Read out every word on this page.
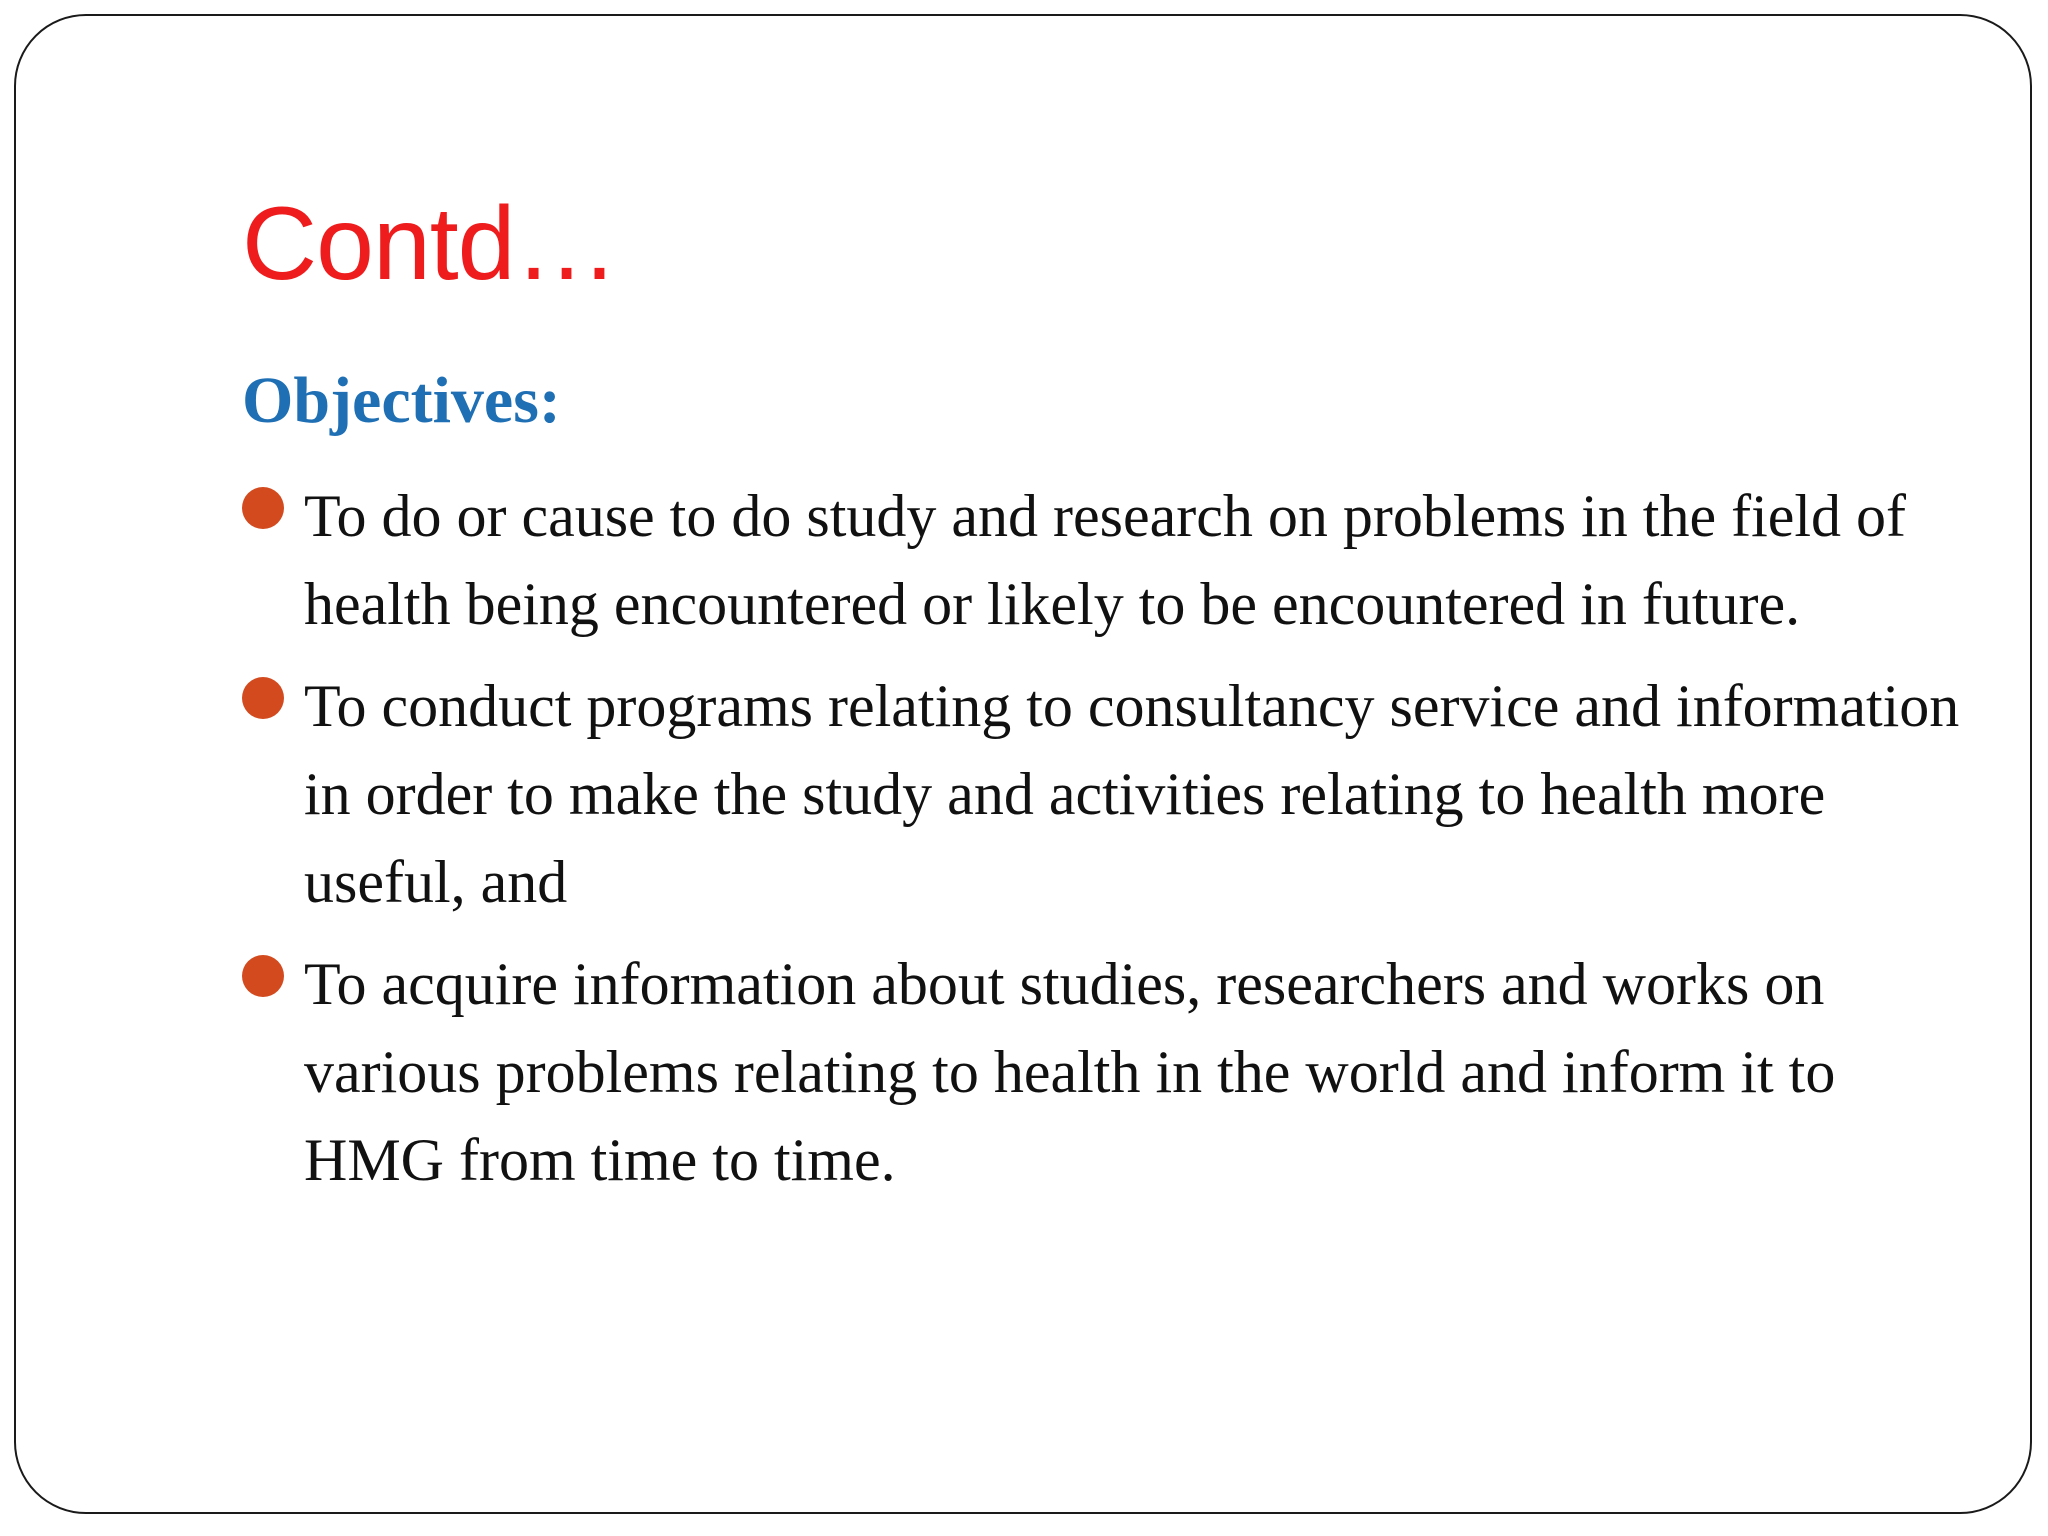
Contd…
Objectives:
To do or cause to do study and research on problems in the field of health being encountered or likely to be encountered in future.
To conduct programs relating to consultancy service and information in order to make the study and activities relating to health more useful, and
To acquire information about studies, researchers and works on various problems relating to health in the world and inform it to HMG from time to time.
